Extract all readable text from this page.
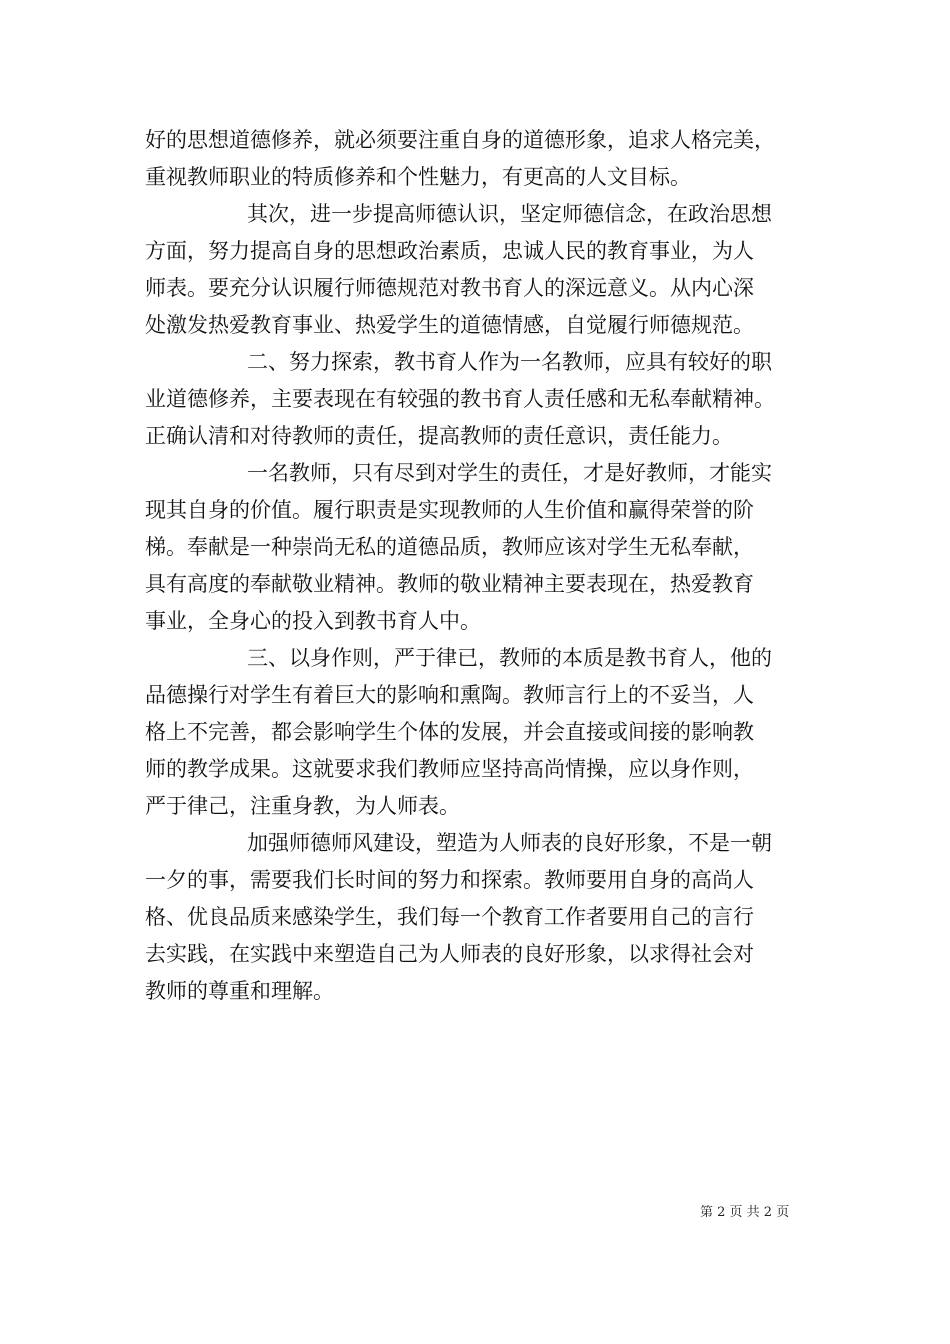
好的思想道德修养，就必须要注重自身的道德形象，追求人格完美，
重视教师职业的特质修养和个性魅力，有更高的人文目标。
其次，进一步提高师德认识，坚定师德信念，在政治思想
方面，努力提高自身的思想政治素质，忠诚人民的教育事业，为人
师表。要充分认识履行师德规范对教书育人的深远意义。从内心深
处激发热爱教育事业、热爱学生的道德情感，自觉履行师德规范。
二、努力探索，教书育人作为一名教师，应具有较好的职
业道德修养，主要表现在有较强的教书育人责任感和无私奉献精神。
正确认清和对待教师的责任，提高教师的责任意识，责任能力。
一名教师，只有尽到对学生的责任，才是好教师，才能实
现其自身的价值。履行职责是实现教师的人生价值和赢得荣誉的阶
梯。奉献是一种崇尚无私的道德品质，教师应该对学生无私奉献，
具有高度的奉献敬业精神。教师的敬业精神主要表现在，热爱教育
事业，全身心的投入到教书育人中。
三、以身作则，严于律已，教师的本质是教书育人，他的
品德操行对学生有着巨大的影响和熏陶。教师言行上的不妥当，人
格上不完善，都会影响学生个体的发展，并会直接或间接的影响教
师的教学成果。这就要求我们教师应坚持高尚情操，应以身作则，
严于律己，注重身教，为人师表。
加强师德师风建设，塑造为人师表的良好形象，不是一朝
一夕的事，需要我们长时间的努力和探索。教师要用自身的高尚人
格、优良品质来感染学生，我们每一个教育工作者要用自己的言行
去实践，在实践中来塑造自己为人师表的良好形象，以求得社会对
教师的尊重和理解。
第 2 页 共 2 页
